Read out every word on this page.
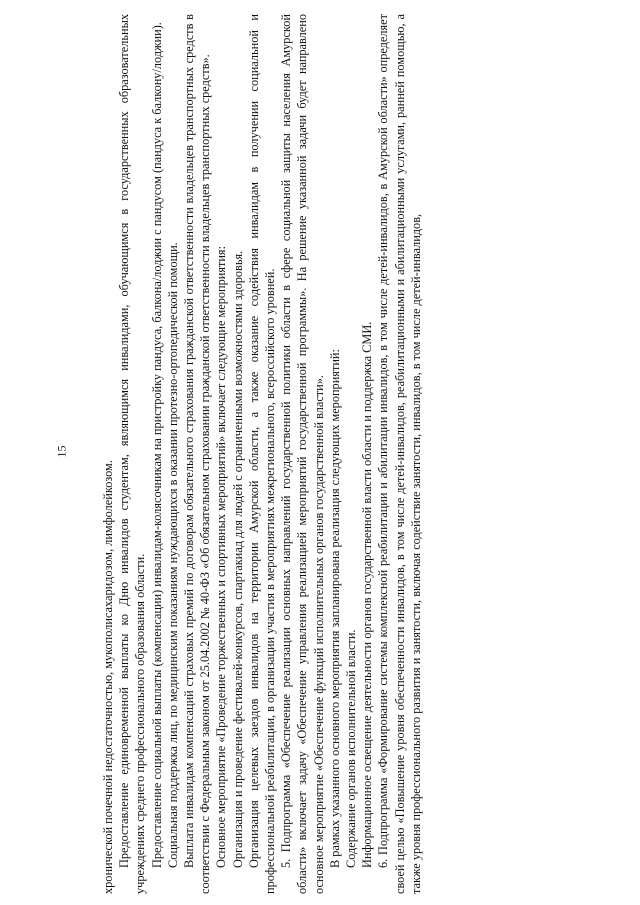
15

хронической почечной недостаточностью, мукополисахаридозом, лимфолейкозом. Предоставление единовременной выплаты ко Дню инвалидов студентам, являющимся инвалидами, обучающимся в государственных образовательных учреждениях среднего профессионального образования области. Предоставление социальной выплаты (компенсации) инвалидам-колясочникам на пристройку пандуса, балкона/лоджии с пандусом (пандуса к балкону/лоджии). Социальная поддержка лиц, по медицинским показаниям нуждающихся в оказании протезно-ортопедической помощи. Выплата инвалидам компенсаций страховых премий по договорам обязательного страхования гражданской ответственности владельцев транспортных средств в соответствии с Федеральным законом от 25.04.2002 № 40-ФЗ «Об обязательном страховании гражданской ответственности владельцев транспортных средств». Основное мероприятие «Проведение торжественных и спортивных мероприятий» включает следующие мероприятия: Организация и проведение фестивалей-конкурсов, спартакиад для людей с ограниченными возможностями здоровья. Организация целевых заездов инвалидов на территории Амурской области, а также оказание содействия инвалидам в получении социальной и профессиональной реабилитации, в организации участия в мероприятиях межрегионального, всероссийского уровней. 5. Подпрограмма «Обеспечение реализации основных направлений государственной политики области в сфере социальной защиты населения Амурской области» включает задачу «Обеспечение управления реализацией мероприятий государственной программы». На решение указанной задачи будет направлено основное мероприятие «Обеспечение функций исполнительных органов государственной власти». В рамках указанного основного мероприятия запланирована реализация следующих мероприятий: Содержание органов исполнительной власти. Информационное освещение деятельности органов государственной власти области и поддержка СМИ. 6. Подпрограмма «Формирование системы комплексной реабилитации и абилитации инвалидов, в том числе детей-инвалидов, в Амурской области» определяет своей целью «Повышение уровня обеспеченности инвалидов, в том числе детей-инвалидов, реабилитационными и абилитационными услугами, ранней помощью, а также уровня профессионального развития и занятости, включая содействие занятости, инвалидов, в том числе детей-инвалидов,
